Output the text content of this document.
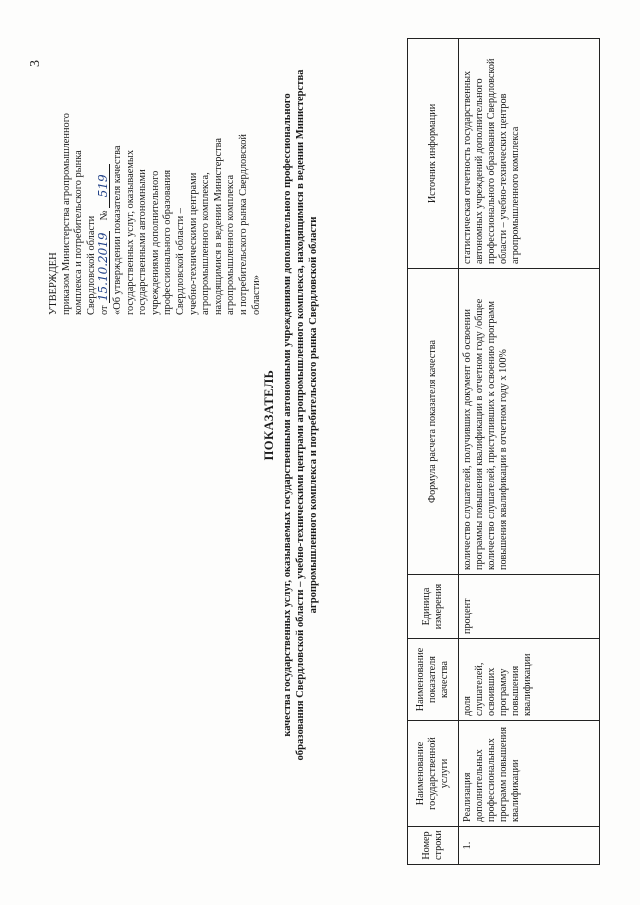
3
УТВЕРЖДЕН приказом Министерства агропромышленного комплекса и потребительского рынка Свердловской области от 15.10.2019    № 519 «Об утверждении показателя качества государственных услуг, оказываемых государственными автономными учреждениями дополнительного профессионального образования Свердловской области – учебно-техническими центрами агропромышленного комплекса, находящимися в ведении Министерства агропромышленного комплекса и потребительского рынка Свердловской области»
ПОКАЗАТЕЛЬ качества государственных услуг, оказываемых государственными автономными учреждениями дополнительного профессионального образования Свердловской области – учебно-техническими центрами агропромышленного комплекса, находящимися в ведении Министерства агропромышленного комплекса и потребительского рынка Свердловской области
Номер строки	Наименование государственной услуги	Наименование показателя качества	Единица измерения	Формула расчета показателя качества	Источник информации
1.	Реализация дополнительных профессиональных программ повышения квалификации	доля слушателей, освоивших программу повышения квалификации	процент	количество слушателей, получивших документ об освоении программы повышения квалификации в отчетном году /общее количество слушателей, приступивших к освоению программ повышения квалификации в отчетном году х 100%	статистическая отчетность государственных автономных учреждений дополнительного профессионального образования Свердловской области – учебно-технических центров агропромышленного комплекса
